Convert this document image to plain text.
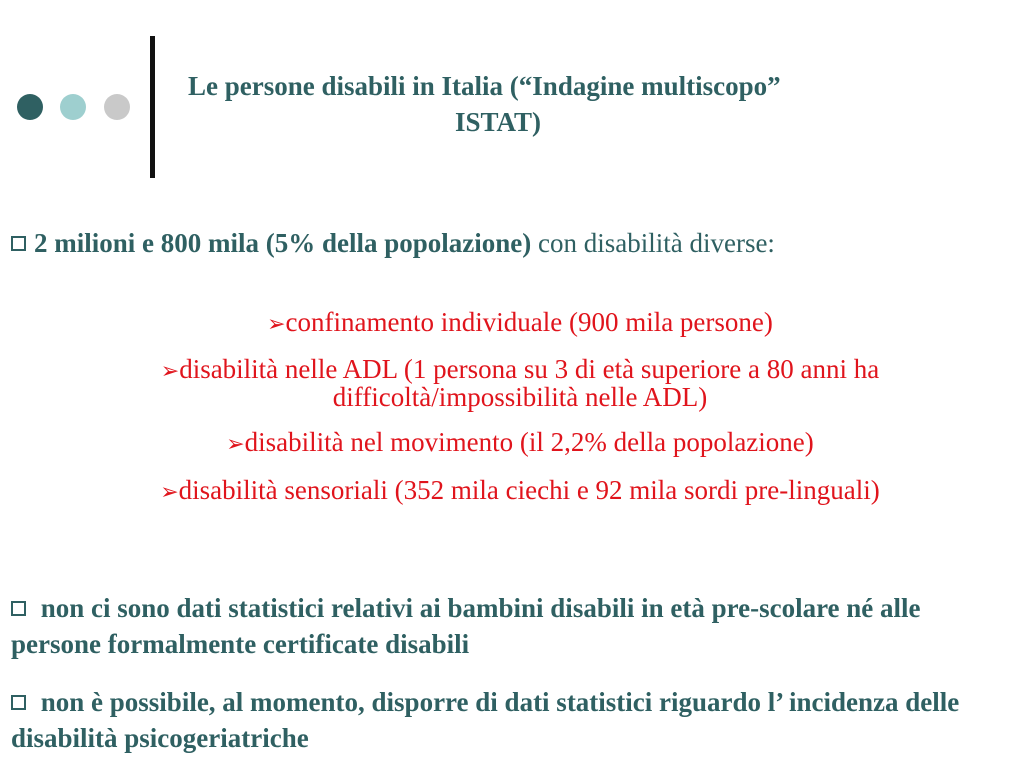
Le persone disabili in Italia (“Indagine multiscopo”
ISTAT)

2 milioni e 800 mila (5% della popolazione) con disabilità diverse:

➢confinamento individuale (900 mila persone)
➢disabilità nelle ADL (1 persona su 3 di età superiore a 80 anni ha difficoltà/impossibilità nelle ADL)
➢disabilità nel movimento (il 2,2% della popolazione)
➢disabilità sensoriali (352 mila ciechi e 92 mila sordi pre-linguali)

non ci sono dati statistici relativi ai bambini disabili in età pre-scolare né alle persone formalmente certificate disabili

non è possibile, al momento, disporre di dati statistici riguardo l’ incidenza delle disabilità psicogeriatriche
